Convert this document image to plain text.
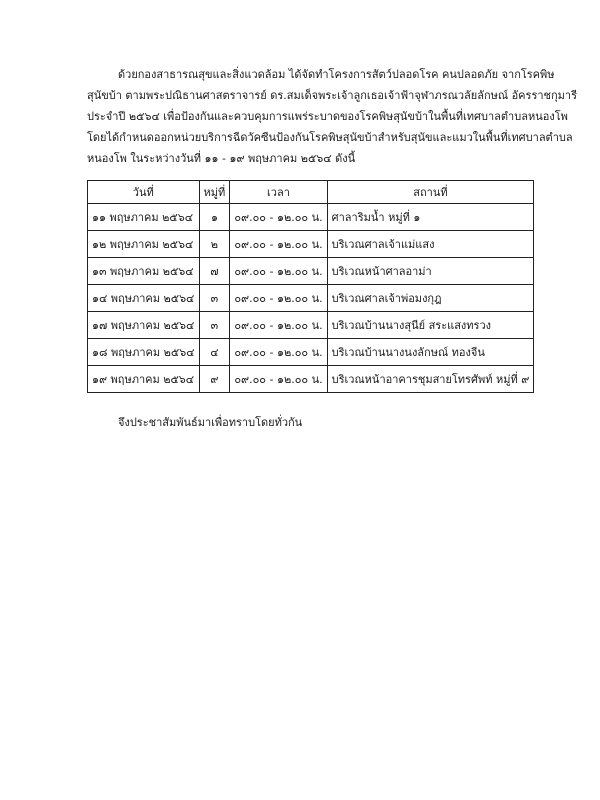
ด้วยกองสาธารณสุขและสิ่งแวดล้อม ได้จัดทำโครงการสัตว์ปลอดโรค คนปลอดภัย จากโรคพิษ
สุนัขบ้า ตามพระปณิธานศาสตราจารย์ ดร.สมเด็จพระเจ้าลูกเธอเจ้าฟ้าจุฬาภรณวลัยลักษณ์ อัครราชกุมารี
ประจำปี ๒๕๖๔ เพื่อป้องกันและควบคุมการแพร่ระบาดของโรคพิษสุนัขบ้าในพื้นที่เทศบาลตำบลหนองโพ
โดยได้กำหนดออกหน่วยบริการฉีดวัคซีนป้องกันโรคพิษสุนัขบ้าสำหรับสุนัขและแมวในพื้นที่เทศบาลตำบล
หนองโพ ในระหว่างวันที่ ๑๑ - ๑๙ พฤษภาคม ๒๕๖๔ ดังนี้

วันที่	หมู่ที่	เวลา	สถานที่
๑๑ พฤษภาคม ๒๕๖๔	๑	๐๙.๐๐ - ๑๒.๐๐ น.	ศาลาริมน้ำ หมู่ที่ ๑
๑๒ พฤษภาคม ๒๕๖๔	๒	๐๙.๐๐ - ๑๒.๐๐ น.	บริเวณศาลเจ้าแม่แสง
๑๓ พฤษภาคม ๒๕๖๔	๗	๐๙.๐๐ - ๑๒.๐๐ น.	บริเวณหน้าศาลอาม่า
๑๔ พฤษภาคม ๒๕๖๔	๓	๐๙.๐๐ - ๑๒.๐๐ น.	บริเวณศาลเจ้าพ่อมงกุฎ
๑๗ พฤษภาคม ๒๕๖๔	๓	๐๙.๐๐ - ๑๒.๐๐ น.	บริเวณบ้านนางสุนีย์ สระแสงทรวง
๑๘ พฤษภาคม ๒๕๖๔	๔	๐๙.๐๐ - ๑๒.๐๐ น.	บริเวณบ้านนางนงลักษณ์ ทองจีน
๑๙ พฤษภาคม ๒๕๖๔	๙	๐๙.๐๐ - ๑๒.๐๐ น.	บริเวณหน้าอาคารชุมสายโทรศัพท์ หมู่ที่ ๙

จึงประชาสัมพันธ์มาเพื่อทราบโดยทั่วกัน
